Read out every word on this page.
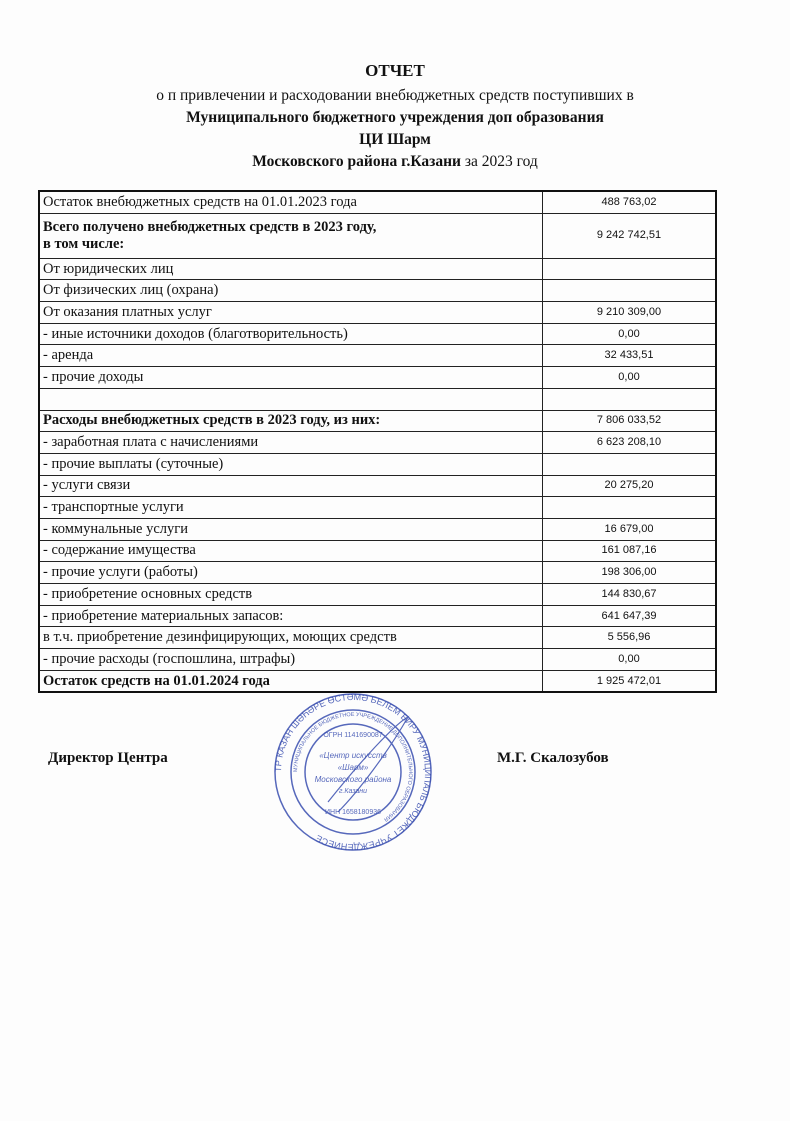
ОТЧЕТ
о п привлечении и расходовании внебюджетных средств поступивших в
Муниципального бюджетного учреждения доп образования
ЦИ Шарм
Московского района г.Казани за 2023 год
Остаток внебюджетных средств на 01.01.2023 года	488 763,02
Всего получено внебюджетных средств в 2023 году,
в том числе:	9 242 742,51
От юридических лиц	
От физических лиц (охрана)	
От оказания платных услуг	9 210 309,00
- иные источники доходов (благотворительность)	0,00
- аренда	32 433,51
- прочие доходы	0,00

Расходы внебюджетных средств в 2023 году, из них:	7 806 033,52
- заработная плата с начислениями	6 623 208,10
- прочие выплаты (суточные)	
- услуги связи	20 275,20
- транспортные услуги	
- коммунальные услуги	16 679,00
- содержание имущества	161 087,16
- прочие услуги (работы)	198 306,00
- приобретение основных средств	144 830,67
- приобретение материальных запасов:	641 647,39
в т.ч. приобретение дезинфицирующих, моющих средств	5 556,96
- прочие расходы (госпошлина, штрафы)	0,00
Остаток средств на 01.01.2024 года	1 925 472,01
Директор Центра	М.Г. Скалозубов
ТР КАЗАН ШӘҺӘРЕ ӨСТӘМӘ БЕЛЕМ БИРУ МУНИЦИПАЛЬ БЮДЖЕТ УЧРЕЖДЕНИЕСЕ
МУНИЦИПАЛЬНОЕ БЮДЖЕТНОЕ УЧРЕЖДЕНИЕ ДОПОЛНИТЕЛЬНОГО ОБРАЗОВАНИЯ
ОГРН 1141690087
«Центр искусств
«Шарм»
Московского района
г.Казани
ИНН 1658180936
